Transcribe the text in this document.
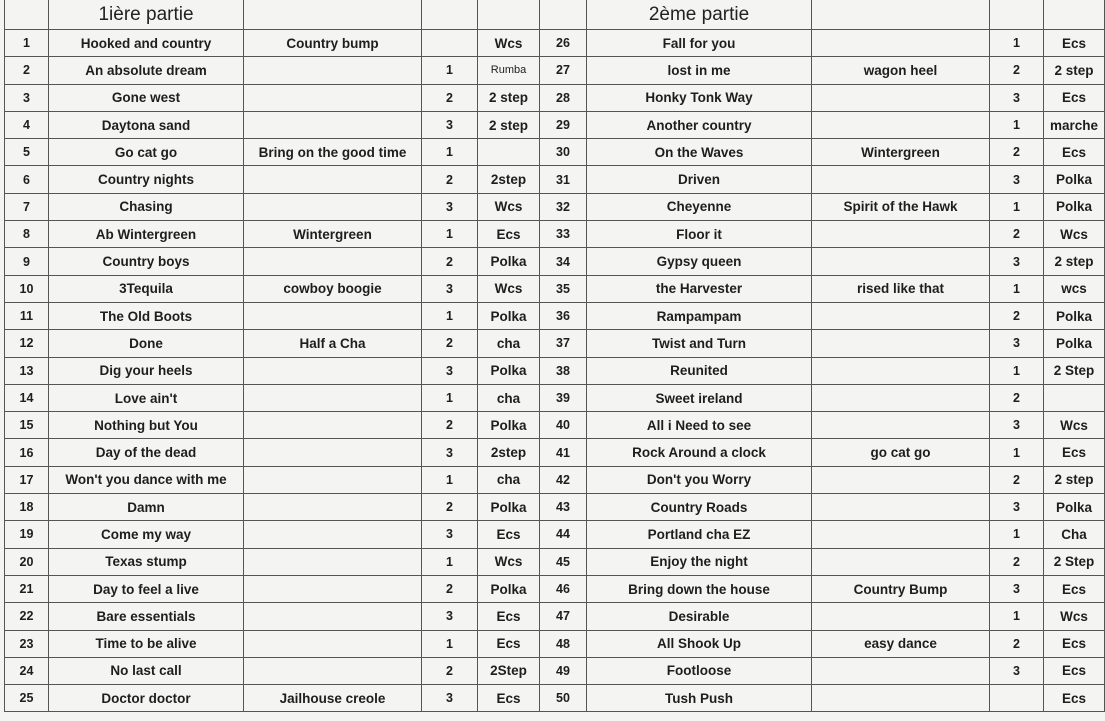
	1ière partie					2ème partie			
1	Hooked and country	Country bump		Wcs	26	Fall for you		1	Ecs
2	An absolute dream		1	Rumba	27	lost in me	wagon heel	2	2 step
3	Gone west		2	2 step	28	Honky Tonk Way		3	Ecs
4	Daytona sand		3	2 step	29	Another country		1	marche
5	Go cat go	Bring on the good time	1		30	On the Waves	Wintergreen	2	Ecs
6	Country nights		2	2step	31	Driven		3	Polka
7	Chasing		3	Wcs	32	Cheyenne	Spirit of the Hawk	1	Polka
8	Ab Wintergreen	Wintergreen	1	Ecs	33	Floor it		2	Wcs
9	Country boys		2	Polka	34	Gypsy queen		3	2 step
10	3Tequila	cowboy boogie	3	Wcs	35	the Harvester	rised like that	1	wcs
11	The Old Boots		1	Polka	36	Rampampam		2	Polka
12	Done	Half a Cha	2	cha	37	Twist and Turn		3	Polka
13	Dig your heels		3	Polka	38	Reunited		1	2 Step
14	Love ain't		1	cha	39	Sweet ireland		2	
15	Nothing but You		2	Polka	40	All i Need to see		3	Wcs
16	Day of the dead		3	2step	41	Rock Around a clock	go cat go	1	Ecs
17	Won't you dance with me		1	cha	42	Don't you Worry		2	2 step
18	Damn		2	Polka	43	Country Roads		3	Polka
19	Come my way		3	Ecs	44	Portland cha EZ		1	Cha
20	Texas stump		1	Wcs	45	Enjoy the night		2	2 Step
21	Day to feel a live		2	Polka	46	Bring down the house	Country Bump	3	Ecs
22	Bare essentials		3	Ecs	47	Desirable		1	Wcs
23	Time to be alive		1	Ecs	48	All Shook Up	easy dance	2	Ecs
24	No last call		2	2Step	49	Footloose		3	Ecs
25	Doctor doctor	Jailhouse creole	3	Ecs	50	Tush Push			Ecs
